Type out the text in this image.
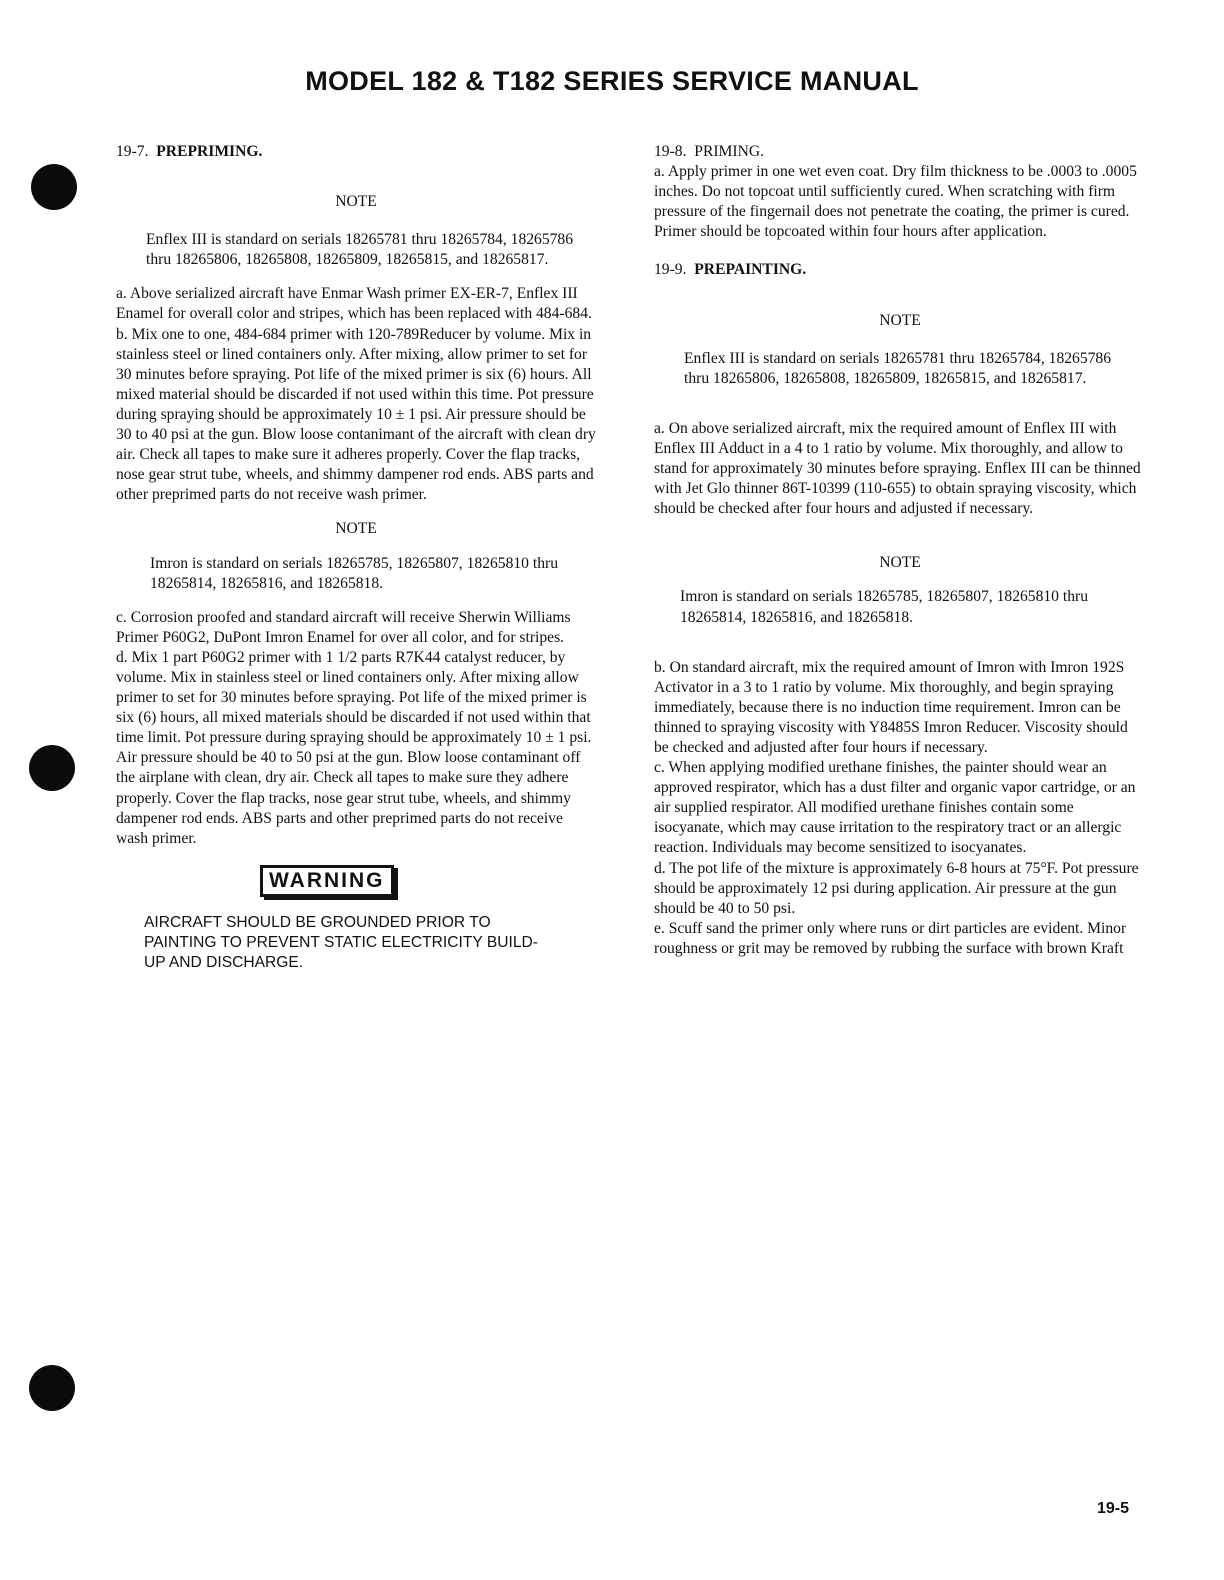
MODEL 182 & T182 SERIES SERVICE MANUAL

19-7. PREPRIMING.

NOTE

Enflex III is standard on serials 18265781 thru 18265784, 18265786 thru 18265806, 18265808, 18265809, 18265815, and 18265817.

a. Above serialized aircraft have Enmar Wash primer EX-ER-7, Enflex III Enamel for overall color and stripes, which has been replaced with 484-684.

b. Mix one to one, 484-684 primer with 120-789Reducer by volume. Mix in stainless steel or lined containers only. After mixing, allow primer to set for 30 minutes before spraying. Pot life of the mixed primer is six (6) hours. All mixed material should be discarded if not used within this time. Pot pressure during spraying should be approximately 10 ± 1 psi. Air pressure should be 30 to 40 psi at the gun. Blow loose contanimant of the aircraft with clean dry air. Check all tapes to make sure it adheres properly. Cover the flap tracks, nose gear strut tube, wheels, and shimmy dampener rod ends. ABS parts and other preprimed parts do not receive wash primer.

NOTE

Imron is standard on serials 18265785, 18265807, 18265810 thru 18265814, 18265816, and 18265818.

c. Corrosion proofed and standard aircraft will receive Sherwin Williams Primer P60G2, DuPont Imron Enamel for over all color, and for stripes.

d. Mix 1 part P60G2 primer with 1 1/2 parts R7K44 catalyst reducer, by volume. Mix in stainless steel or lined containers only. After mixing allow primer to set for 30 minutes before spraying. Pot life of the mixed primer is six (6) hours, all mixed materials should be discarded if not used within that time limit. Pot pressure during spraying should be approximately 10 ± 1 psi. Air pressure should be 40 to 50 psi at the gun. Blow loose contaminant off the airplane with clean, dry air. Check all tapes to make sure they adhere properly. Cover the flap tracks, nose gear strut tube, wheels, and shimmy dampener rod ends. ABS parts and other preprimed parts do not receive wash primer.

WARNING

AIRCRAFT SHOULD BE GROUNDED PRIOR TO PAINTING TO PREVENT STATIC ELECTRICITY BUILD-UP AND DISCHARGE.

19-8. PRIMING.

a. Apply primer in one wet even coat. Dry film thickness to be .0003 to .0005 inches. Do not topcoat until sufficiently cured. When scratching with firm pressure of the fingernail does not penetrate the coating, the primer is cured. Primer should be topcoated within four hours after application.

19-9. PREPAINTING.

NOTE

Enflex III is standard on serials 18265781 thru 18265784, 18265786 thru 18265806, 18265808, 18265809, 18265815, and 18265817.

a. On above serialized aircraft, mix the required amount of Enflex III with Enflex III Adduct in a 4 to 1 ratio by volume. Mix thoroughly, and allow to stand for approximately 30 minutes before spraying. Enflex III can be thinned with Jet Glo thinner 86T-10399 (110-655) to obtain spraying viscosity, which should be checked after four hours and adjusted if necessary.

NOTE

Imron is standard on serials 18265785, 18265807, 18265810 thru 18265814, 18265816, and 18265818.

b. On standard aircraft, mix the required amount of Imron with Imron 192S Activator in a 3 to 1 ratio by volume. Mix thoroughly, and begin spraying immediately, because there is no induction time requirement. Imron can be thinned to spraying viscosity with Y8485S Imron Reducer. Viscosity should be checked and adjusted after four hours if necessary.

c. When applying modified urethane finishes, the painter should wear an approved respirator, which has a dust filter and organic vapor cartridge, or an air supplied respirator. All modified urethane finishes contain some isocyanate, which may cause irritation to the respiratory tract or an allergic reaction. Individuals may become sensitized to isocyanates.

d. The pot life of the mixture is approximately 6-8 hours at 75°F. Pot pressure should be approximately 12 psi during application. Air pressure at the gun should be 40 to 50 psi.

e. Scuff sand the primer only where runs or dirt particles are evident. Minor roughness or grit may be removed by rubbing the surface with brown Kraft

19-5
